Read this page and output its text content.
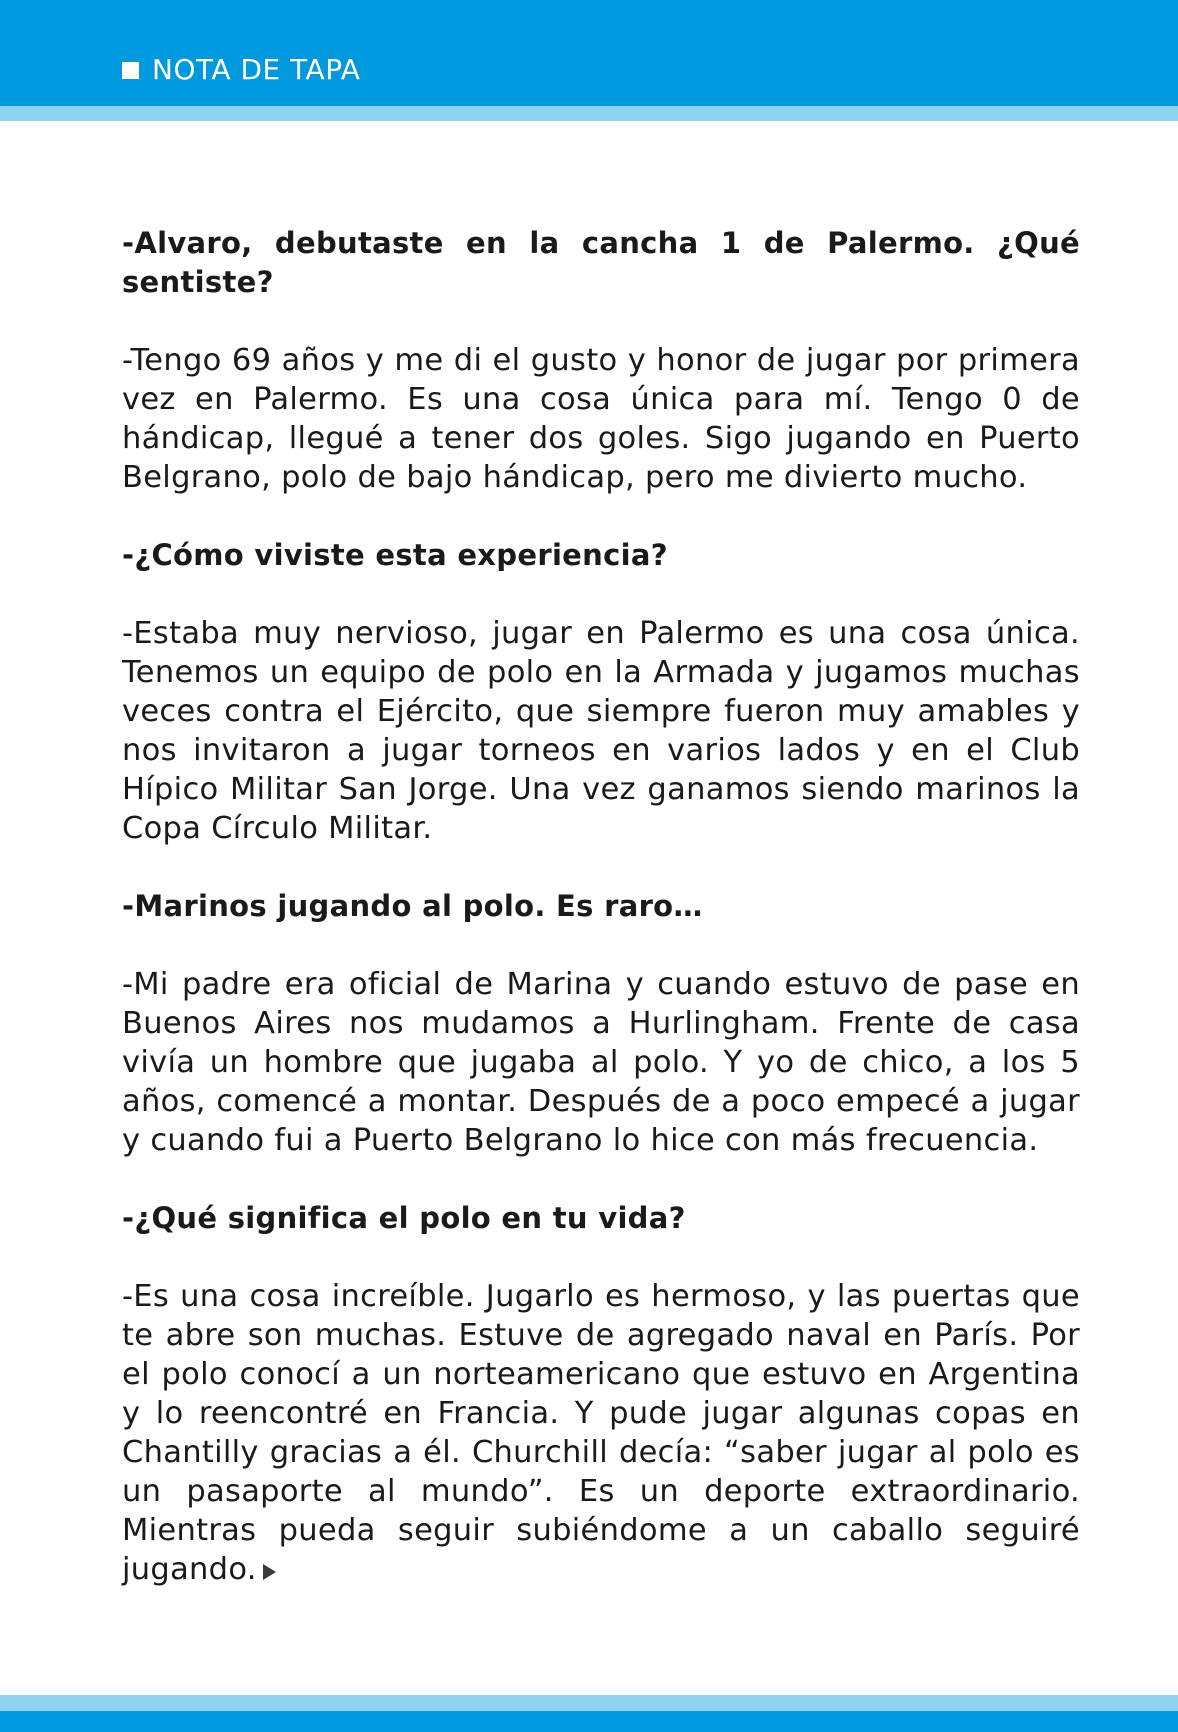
NOTA DE TAPA

-Alvaro, debutaste en la cancha 1 de Palermo. ¿Qué sentiste?

-Tengo 69 años y me di el gusto y honor de jugar por primera vez en Palermo. Es una cosa única para mí. Tengo 0 de hándicap, llegué a tener dos goles. Sigo jugando en Puerto Belgrano, polo de bajo hándicap, pero me divierto mucho.

-¿Cómo viviste esta experiencia?

-Estaba muy nervioso, jugar en Palermo es una cosa única. Tenemos un equipo de polo en la Armada y jugamos muchas veces contra el Ejército, que siempre fueron muy amables y nos invitaron a jugar torneos en varios lados y en el Club Hípico Militar San Jorge. Una vez ganamos siendo marinos la Copa Círculo Militar.

-Marinos jugando al polo. Es raro…

-Mi padre era oficial de Marina y cuando estuvo de pase en Buenos Aires nos mudamos a Hurlingham. Frente de casa vivía un hombre que jugaba al polo. Y yo de chico, a los 5 años, comencé a montar. Después de a poco empecé a jugar y cuando fui a Puerto Belgrano lo hice con más frecuencia.

-¿Qué significa el polo en tu vida?

-Es una cosa increíble. Jugarlo es hermoso, y las puertas que te abre son muchas. Estuve de agregado naval en París. Por el polo conocí a un norteamericano que estuvo en Argentina y lo reencontré en Francia. Y pude jugar algunas copas en Chantilly gracias a él. Churchill decía: “saber jugar al polo es un pasaporte al mundo”. Es un deporte extraordinario. Mientras pueda seguir subiéndome a un caballo seguiré jugando.
